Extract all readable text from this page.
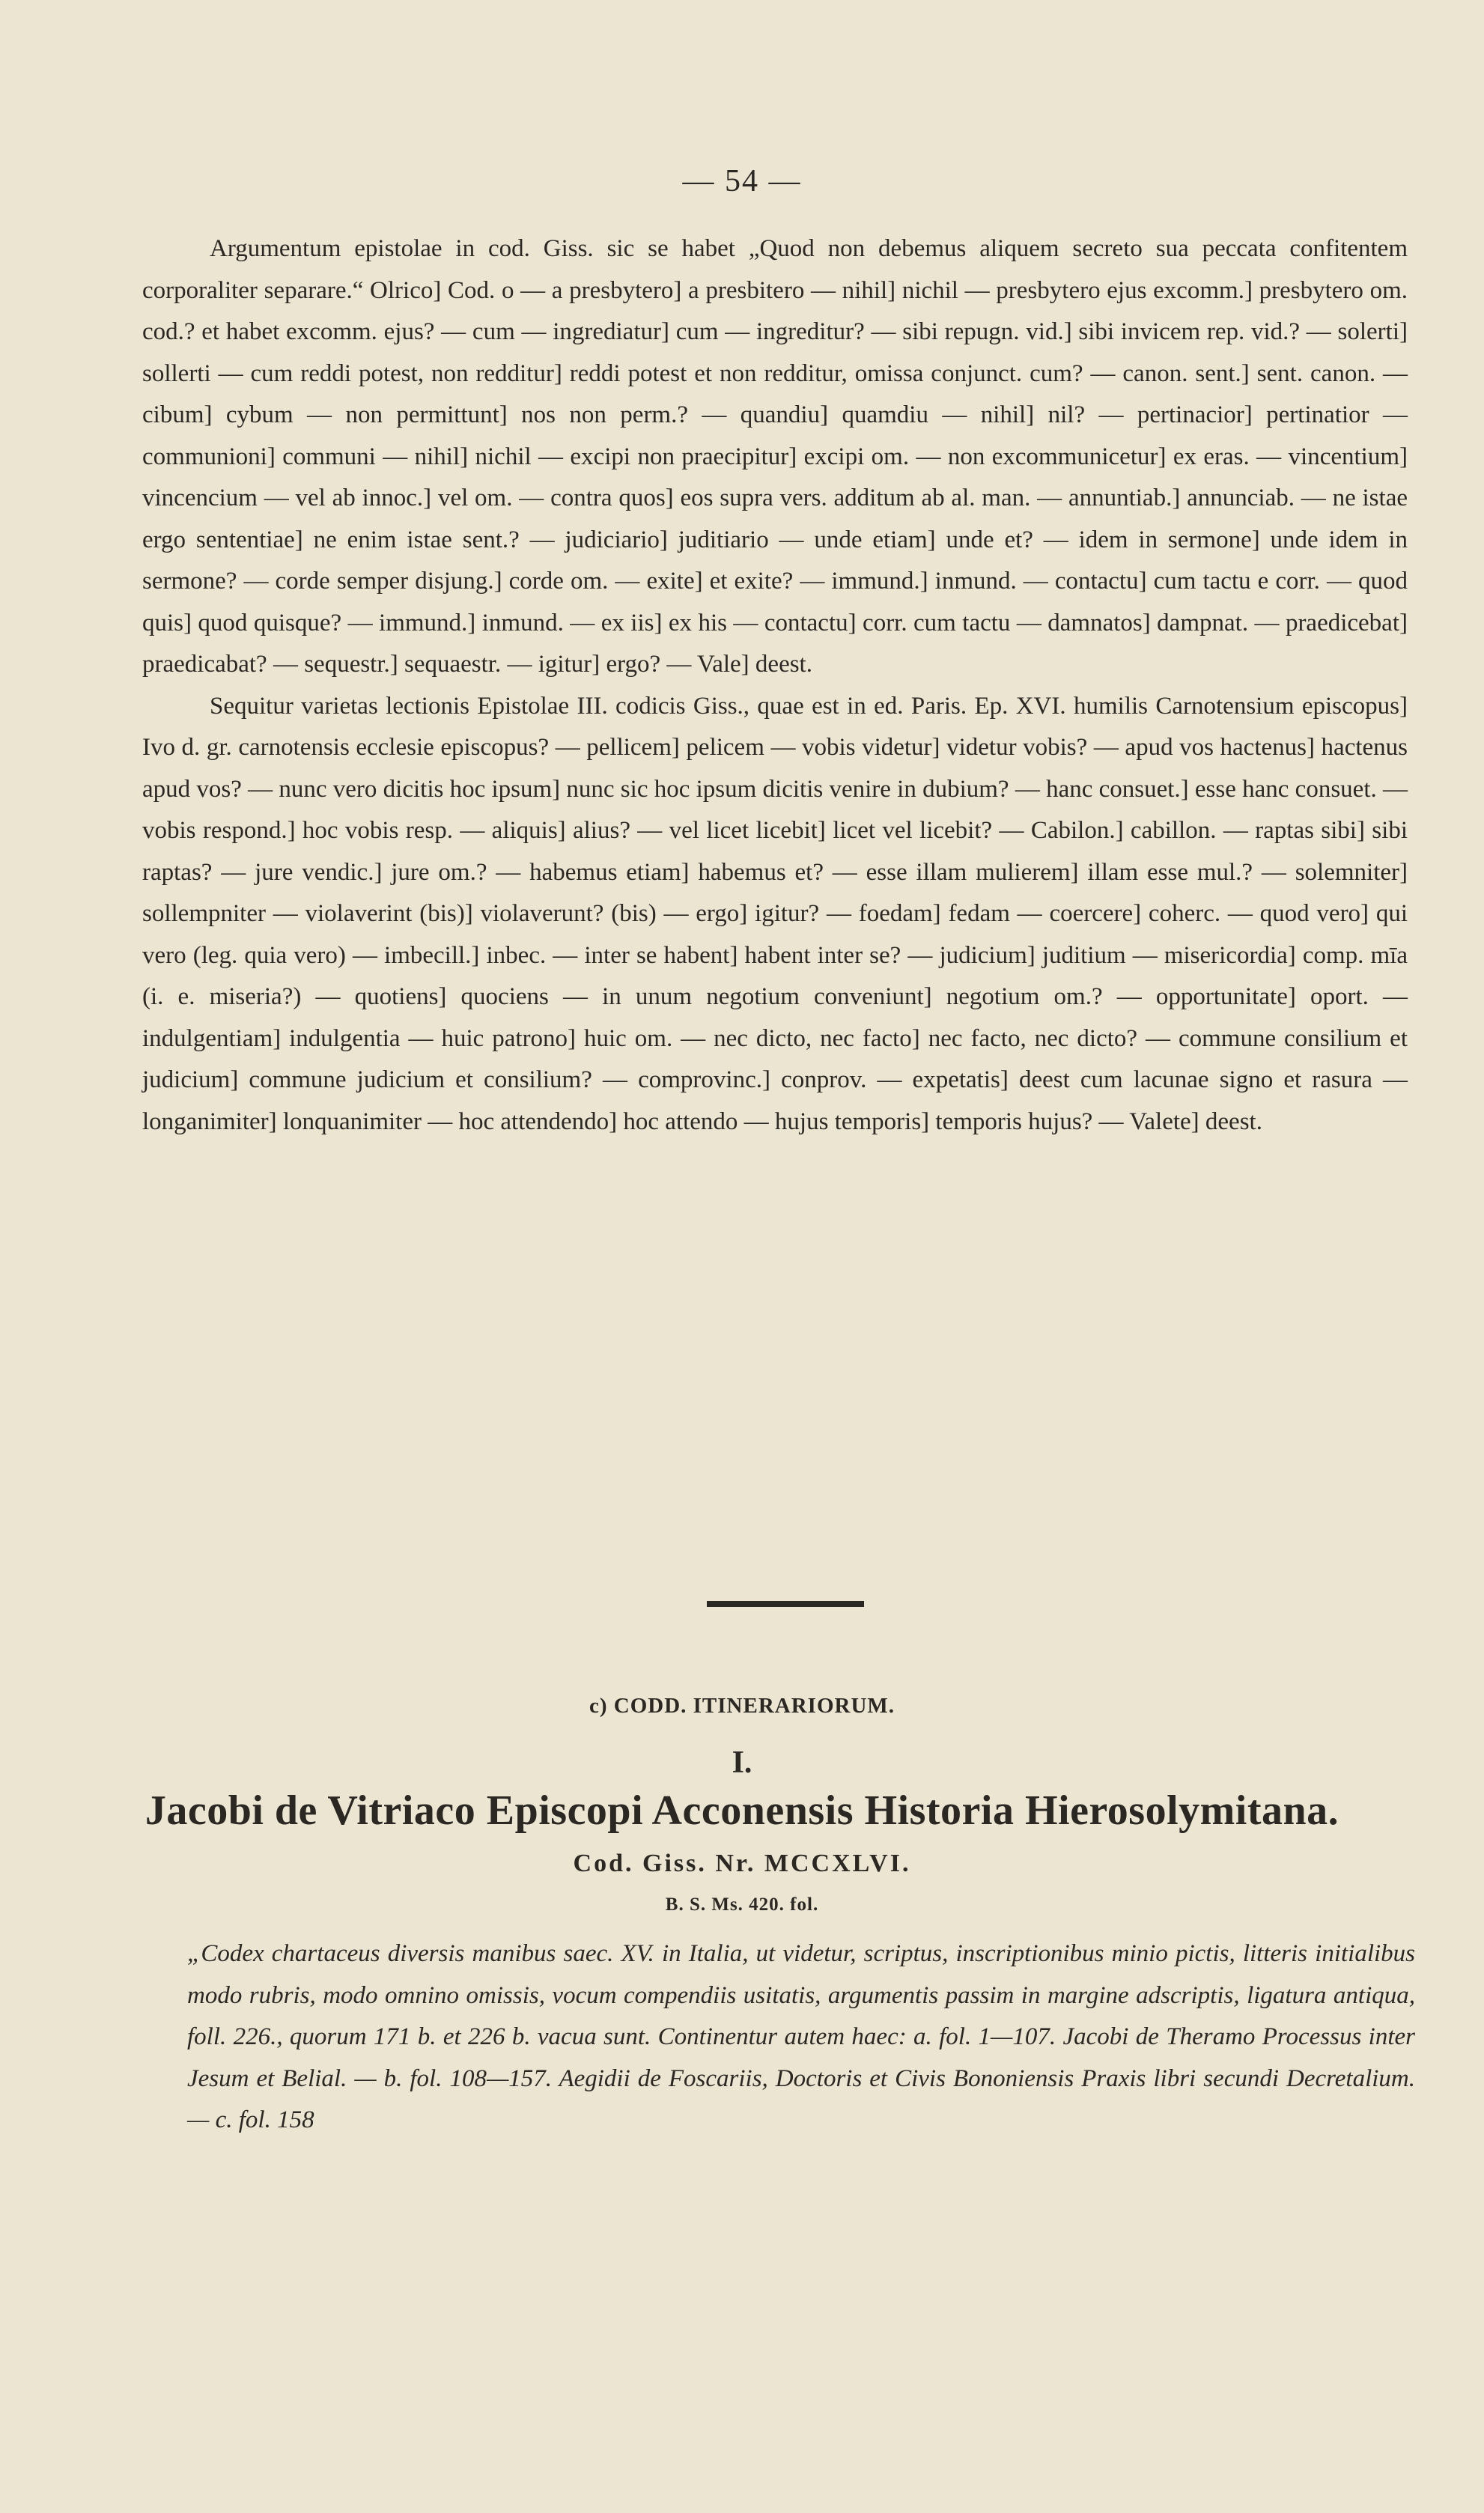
— 54 —

Argumentum epistolae in cod. Giss. sic se habet „Quod non debemus aliquem secreto sua peccata confitentem corporaliter separare.“ Olrico] Cod. o — a presbytero] a presbitero — nihil] nichil — presbytero ejus excomm.] presbytero om. cod.? et habet excomm. ejus? — cum — ingrediatur] cum — ingreditur? — sibi repugn. vid.] sibi invicem rep. vid.? — solerti] sollerti — cum reddi potest, non redditur] reddi potest et non redditur, omissa conjunct. cum? — canon. sent.] sent. canon. — cibum] cybum — non permittunt] nos non perm.? — quandiu] quamdiu — nihil] nil? — pertinacior] pertinatior — communioni] communi — nihil] nichil — excipi non praecipitur] excipi om. — non excommunicetur] ex eras. — vincentium] vincencium — vel ab innoc.] vel om. — contra quos] eos supra vers. additum ab al. man. — annuntiab.] annunciab. — ne istae ergo sententiae] ne enim istae sent.? — judiciario] juditiario — unde etiam] unde et? — idem in sermone] unde idem in sermone? — corde semper disjung.] corde om. — exite] et exite? — immund.] inmund. — contactu] cum tactu e corr. — quod quis] quod quisque? — immund.] inmund. — ex iis] ex his — contactu] corr. cum tactu — damnatos] dampnat. — praedicebat] praedicabat? — sequestr.] sequaestr. — igitur] ergo? — Vale] deest.

Sequitur varietas lectionis Epistolae III. codicis Giss., quae est in ed. Paris. Ep. XVI. humilis Carnotensium episcopus] Ivo d. gr. carnotensis ecclesie episcopus? — pellicem] pelicem — vobis videtur] videtur vobis? — apud vos hactenus] hactenus apud vos? — nunc vero dicitis hoc ipsum] nunc sic hoc ipsum dicitis venire in dubium? — hanc consuet.] esse hanc consuet. — vobis respond.] hoc vobis resp. — aliquis] alius? — vel licet licebit] licet vel licebit? — Cabilon.] cabillon. — raptas sibi] sibi raptas? — jure vendic.] jure om.? — habemus etiam] habemus et? — esse illam mulierem] illam esse mul.? — solemniter] sollempniter — violaverint (bis)] violaverunt? (bis) — ergo] igitur? — foedam] fedam — coercere] coherc. — quod vero] qui vero (leg. quia vero) — imbecill.] inbec. — inter se habent] habent inter se? — judicium] juditium — misericordia] comp. mīa (i. e. miseria?) — quotiens] quociens — in unum negotium conveniunt] negotium om.? — opportunitate] oport. — indulgentiam] indulgentia — huic patrono] huic om. — nec dicto, nec facto] nec facto, nec dicto? — commune consilium et judicium] commune judicium et consilium? — comprovinc.] conprov. — expetatis] deest cum lacunae signo et rasura — longanimiter] lonquanimiter — hoc attendendo] hoc attendo — hujus temporis] temporis hujus? — Valete] deest.

c) CODD. ITINERARIORUM.
I.
Jacobi de Vitriaco Episcopi Acconensis Historia Hierosolymitana.
Cod. Giss. Nr. MCCXLVI.
B. S. Ms. 420. fol.

„Codex chartaceus diversis manibus saec. XV. in Italia, ut videtur, scriptus, inscriptionibus minio pictis, litteris initialibus modo rubris, modo omnino omissis, vocum compendiis usitatis, argumentis passim in margine adscriptis, ligatura antiqua, foll. 226., quorum 171 b. et 226 b. vacua sunt. Continentur autem haec: a. fol. 1—107. Jacobi de Theramo Processus inter Jesum et Belial. — b. fol. 108—157. Aegidii de Foscariis, Doctoris et Civis Bononiensis Praxis libri secundi Decretalium. — c. fol. 158
